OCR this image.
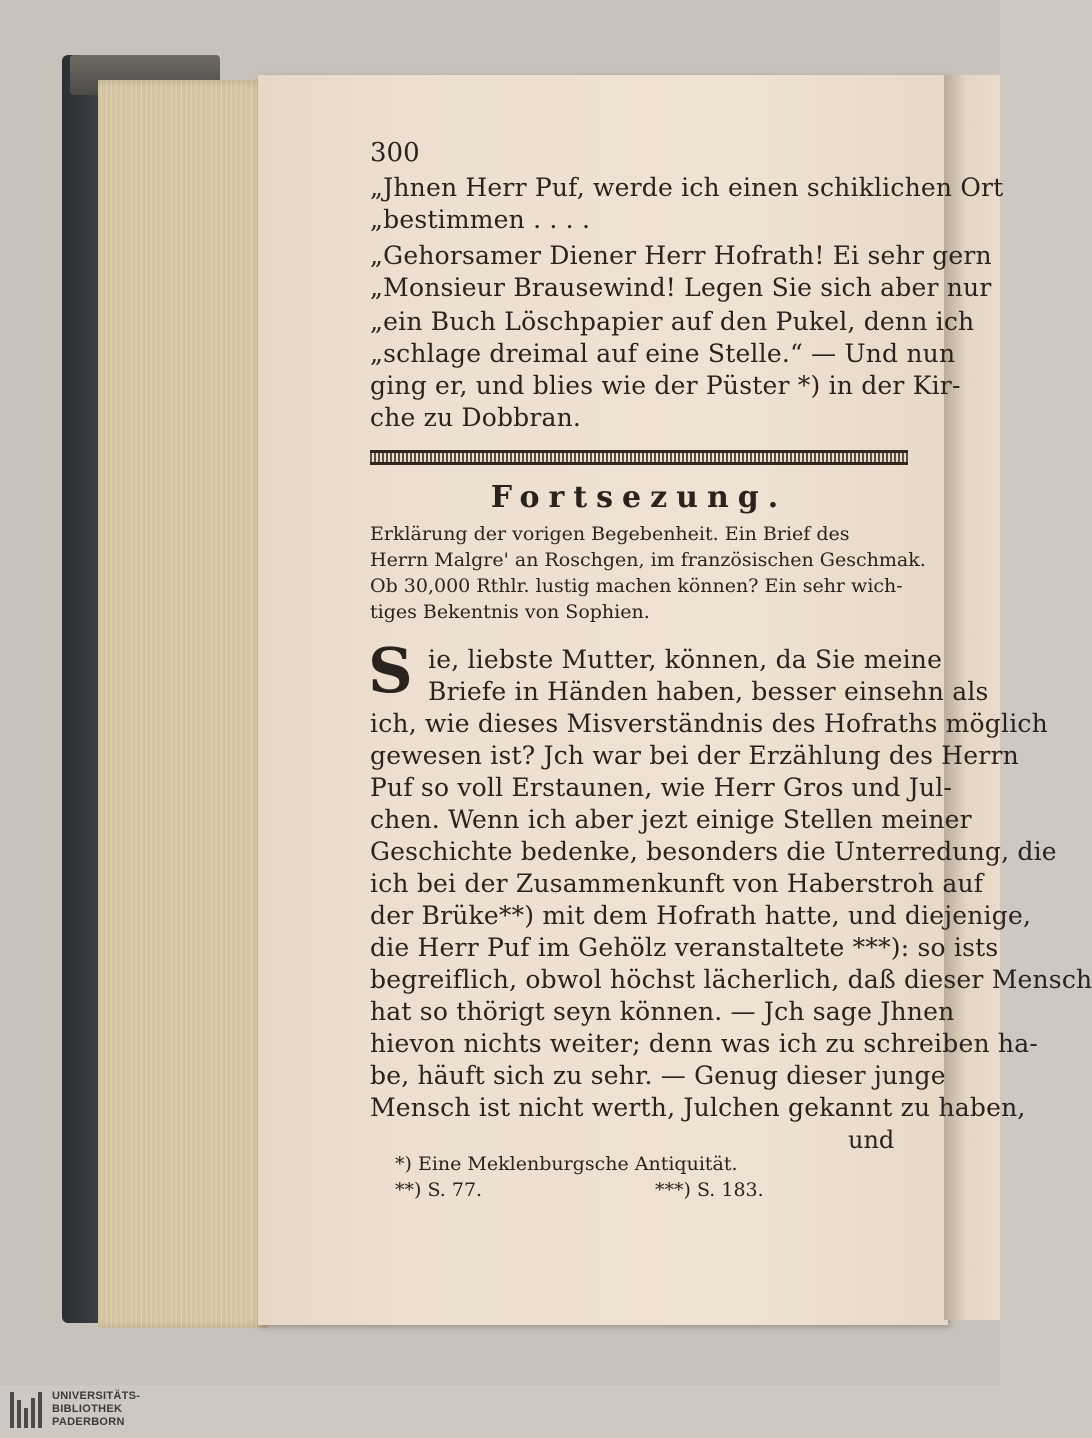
300
„Jhnen Herr Puf, werde ich einen schiklichen Ort
„bestimmen . . . .
„Gehorsamer Diener Herr Hofrath! Ei sehr gern
„Monsieur Brausewind! Legen Sie sich aber nur
„ein Buch Löschpapier auf den Pukel, denn ich
„schlage dreimal auf eine Stelle.“ — Und nun
ging er, und blies wie der Püster *) in der Kir-
che zu Dobbran.
Fortsezung.
Erklärung der vorigen Begebenheit. Ein Brief des
Herrn Malgre' an Roschgen, im französischen Geschmak.
Ob 30,000 Rthlr. lustig machen können? Ein sehr wich-
tiges Bekentnis von Sophien.
S ie, liebste Mutter, können, da Sie meine
Briefe in Händen haben, besser einsehn als
ich, wie dieses Misverständnis des Hofraths möglich
gewesen ist? Jch war bei der Erzählung des Herrn
Puf so voll Erstaunen, wie Herr Gros und Jul-
chen. Wenn ich aber jezt einige Stellen meiner
Geschichte bedenke, besonders die Unterredung, die
ich bei der Zusammenkunft von Haberstroh auf
der Brüke**) mit dem Hofrath hatte, und diejenige,
die Herr Puf im Gehölz veranstaltete ***): so ists
begreiflich, obwol höchst lächerlich, daß dieser Mensch
hat so thörigt seyn können. — Jch sage Jhnen
hievon nichts weiter; denn was ich zu schreiben ha-
be, häuft sich zu sehr. — Genug dieser junge
Mensch ist nicht werth, Julchen gekannt zu haben,
und
*) Eine Meklenburgsche Antiquität.
**) S. 77.	***) S. 183.
UNIVERSITÄTS-
BIBLIOTHEK
PADERBORN
